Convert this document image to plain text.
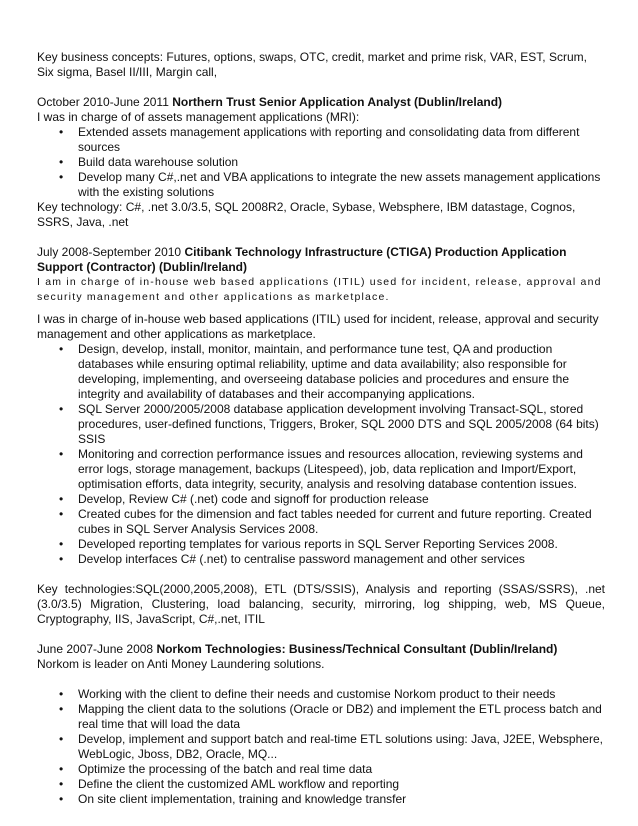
Key business concepts: Futures, options, swaps, OTC, credit, market and prime risk, VAR, EST, Scrum, Six sigma, Basel II/III, Margin call,

October 2010-June 2011 Northern Trust Senior Application Analyst (Dublin/Ireland)

I was in charge of of assets management applications (MRI):

• Extended assets management applications with reporting and consolidating data from different sources
• Build data warehouse solution
• Develop many C#,.net and VBA applications to integrate the new assets management applications with the existing solutions

Key technology: C#, .net 3.0/3.5, SQL 2008R2, Oracle, Sybase, Websphere, IBM datastage, Cognos, SSRS, Java, .net

July 2008-September 2010 Citibank Technology Infrastructure (CTIGA) Production Application Support (Contractor) (Dublin/Ireland)

I am in charge of in-house web based applications (ITIL) used for incident, release, approval and security management and other applications as marketplace.

I was in charge of in-house web based applications (ITIL) used for incident, release, approval and security management and other applications as marketplace.

• Design, develop, install, monitor, maintain, and performance tune test, QA and production databases while ensuring optimal reliability, uptime and data availability; also responsible for developing, implementing, and overseeing database policies and procedures and ensure the integrity and availability of databases and their accompanying applications.
• SQL Server 2000/2005/2008 database application development involving Transact-SQL, stored procedures, user-defined functions, Triggers, Broker, SQL 2000 DTS and SQL 2005/2008 (64 bits) SSIS
• Monitoring and correction performance issues and resources allocation, reviewing systems and error logs, storage management, backups (Litespeed), job, data replication and Import/Export, optimisation efforts, data integrity, security, analysis and resolving database contention issues.
• Develop, Review C# (.net) code and signoff for production release
• Created cubes for the dimension and fact tables needed for current and future reporting. Created cubes in SQL Server Analysis Services 2008.
• Developed reporting templates for various reports in SQL Server Reporting Services 2008.
• Develop interfaces C# (.net) to centralise password management and other services

Key technologies:SQL(2000,2005,2008), ETL (DTS/SSIS), Analysis and reporting (SSAS/SSRS), .net (3.0/3.5) Migration, Clustering, load balancing, security, mirroring, log shipping, web, MS Queue, Cryptography, IIS, JavaScript, C#,.net, ITIL

June 2007-June 2008 Norkom Technologies: Business/Technical Consultant (Dublin/Ireland)

Norkom is leader on Anti Money Laundering solutions.

• Working with the client to define their needs and customise Norkom product to their needs
• Mapping the client data to the solutions (Oracle or DB2) and implement the ETL process batch and real time that will load the data
• Develop, implement and support batch and real-time ETL solutions using: Java, J2EE, Websphere, WebLogic, Jboss, DB2, Oracle, MQ...
• Optimize the processing of the batch and real time data
• Define the client the customized AML workflow and reporting
• On site client implementation, training and knowledge transfer
